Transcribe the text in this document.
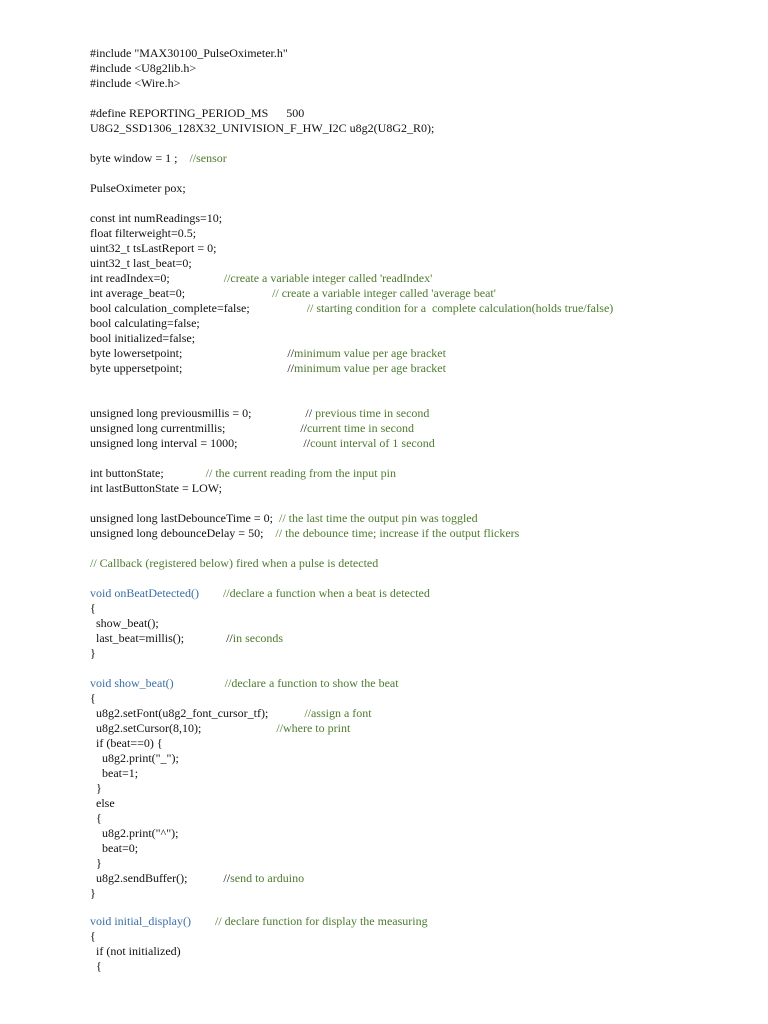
#include "MAX30100_PulseOximeter.h"
#include <U8g2lib.h>
#include <Wire.h>
#define REPORTING_PERIOD_MS      500
U8G2_SSD1306_128X32_UNIVISION_F_HW_I2C u8g2(U8G2_R0);
byte window = 1 ;    //sensor
PulseOximeter pox;
const int numReadings=10;
float filterweight=0.5;
uint32_t tsLastReport = 0;
uint32_t last_beat=0;
int readIndex=0;                  //create a variable integer called 'readIndex'
int average_beat=0;                             // create a variable integer called 'average beat'
bool calculation_complete=false;                   // starting condition for a  complete calculation(holds true/false)
bool calculating=false;
bool initialized=false;
byte lowersetpoint;                                   //minimum value per age bracket
byte uppersetpoint;                                   //minimum value per age bracket
unsigned long previousmillis = 0;                  // previous time in second
unsigned long currentmillis;                         //current time in second
unsigned long interval = 1000;                      //count interval of 1 second
int buttonState;              // the current reading from the input pin
int lastButtonState = LOW;
unsigned long lastDebounceTime = 0;  // the last time the output pin was toggled
unsigned long debounceDelay = 50;    // the debounce time; increase if the output flickers
// Callback (registered below) fired when a pulse is detected
void onBeatDetected() //declare a function when a beat is detected
{
show_beat();
last_beat=millis();              //in seconds
}
void show_beat()	//declare a function to show the beat
{
u8g2.setFont(u8g2_font_cursor_tf);            //assign a font
u8g2.setCursor(8,10);                         //where to print
if (beat==0) {
u8g2.print("_");
beat=1;
}
else
{
u8g2.print("^");
beat=0;
}
u8g2.sendBuffer();            //send to arduino
}
void initial_display() // declare function for display the measuring
{
if (not initialized)
{
